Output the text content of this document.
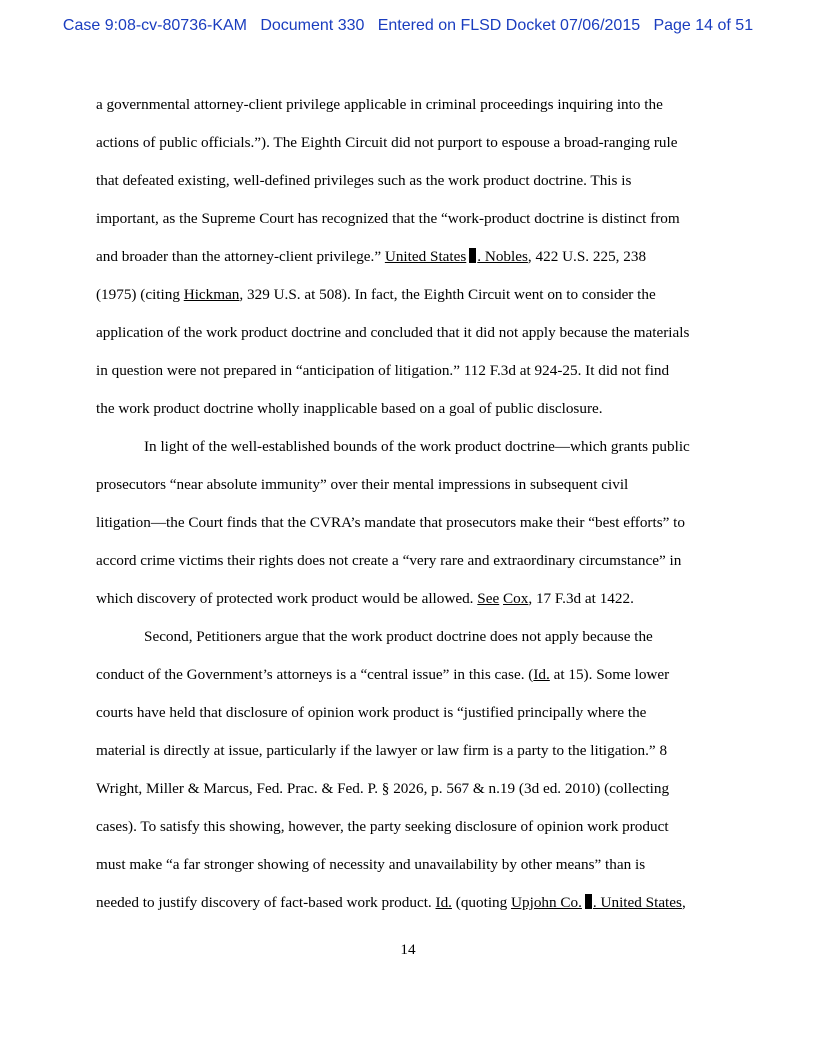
Case 9:08-cv-80736-KAM   Document 330   Entered on FLSD Docket 07/06/2015   Page 14 of 51
a governmental attorney-client privilege applicable in criminal proceedings inquiring into the
actions of public officials.”). The Eighth Circuit did not purport to espouse a broad-ranging rule
that defeated existing, well-defined privileges such as the work product doctrine. This is
important, as the Supreme Court has recognized that the “work-product doctrine is distinct from
and broader than the attorney-client privilege.” United States . Nobles, 422 U.S. 225, 238
(1975) (citing Hickman, 329 U.S. at 508). In fact, the Eighth Circuit went on to consider the
application of the work product doctrine and concluded that it did not apply because the materials
in question were not prepared in “anticipation of litigation.” 112 F.3d at 924-25. It did not find
the work product doctrine wholly inapplicable based on a goal of public disclosure.
In light of the well-established bounds of the work product doctrine—which grants public
prosecutors “near absolute immunity” over their mental impressions in subsequent civil
litigation—the Court finds that the CVRA’s mandate that prosecutors make their “best efforts” to
accord crime victims their rights does not create a “very rare and extraordinary circumstance” in
which discovery of protected work product would be allowed. See Cox, 17 F.3d at 1422.
Second, Petitioners argue that the work product doctrine does not apply because the
conduct of the Government’s attorneys is a “central issue” in this case. (Id. at 15). Some lower
courts have held that disclosure of opinion work product is “justified principally where the
material is directly at issue, particularly if the lawyer or law firm is a party to the litigation.” 8
Wright, Miller & Marcus, Fed. Prac. & Fed. P. § 2026, p. 567 & n.19 (3d ed. 2010) (collecting
cases). To satisfy this showing, however, the party seeking disclosure of opinion work product
must make “a far stronger showing of necessity and unavailability by other means” than is
needed to justify discovery of fact-based work product. Id. (quoting Upjohn Co. . United States,
14
